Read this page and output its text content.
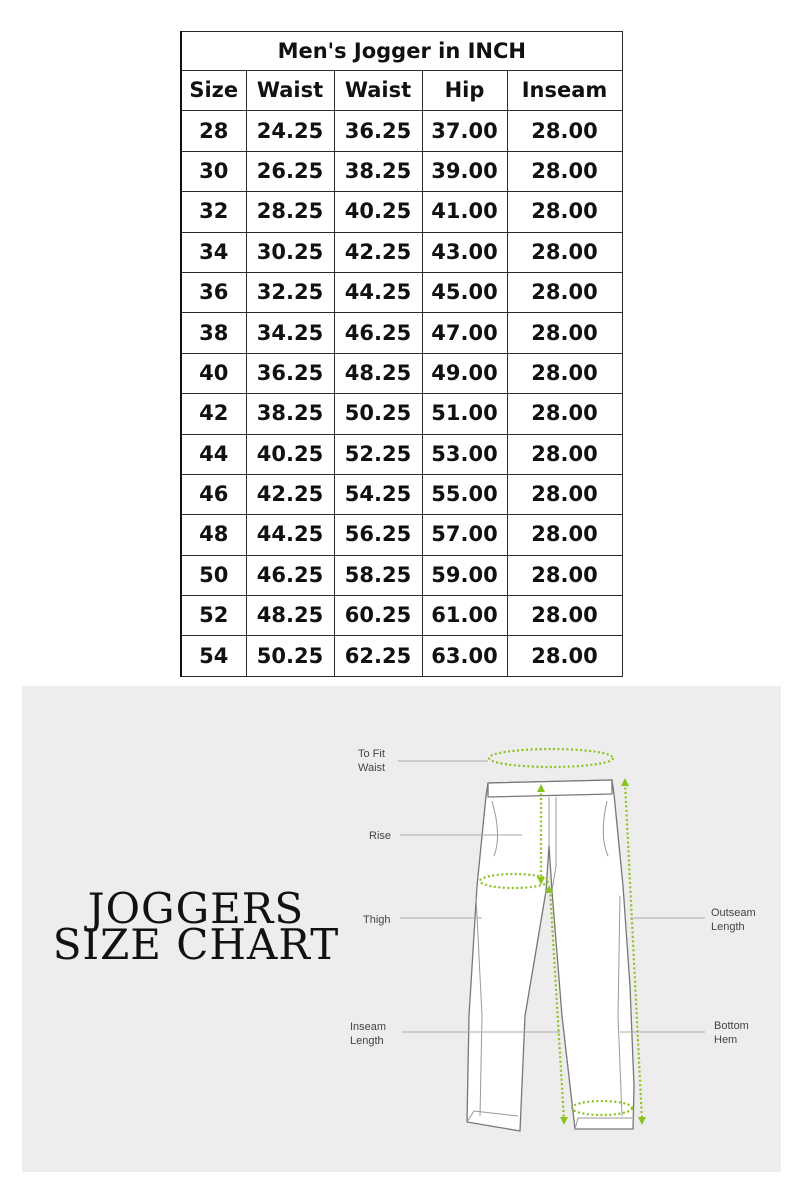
Men's Jogger in INCH				
Size	Waist	Waist	Hip	Inseam
28	24.25	36.25	37.00	28.00
30	26.25	38.25	39.00	28.00
32	28.25	40.25	41.00	28.00
34	30.25	42.25	43.00	28.00
36	32.25	44.25	45.00	28.00
38	34.25	46.25	47.00	28.00
40	36.25	48.25	49.00	28.00
42	38.25	50.25	51.00	28.00
44	40.25	52.25	53.00	28.00
46	42.25	54.25	55.00	28.00
48	44.25	56.25	57.00	28.00
50	46.25	58.25	59.00	28.00
52	48.25	60.25	61.00	28.00
54	50.25	62.25	63.00	28.00
JOGGERS
SIZE CHART
To Fit
Waist
Rise
Thigh
Inseam
Length
Outseam
Length
Bottom
Hem
